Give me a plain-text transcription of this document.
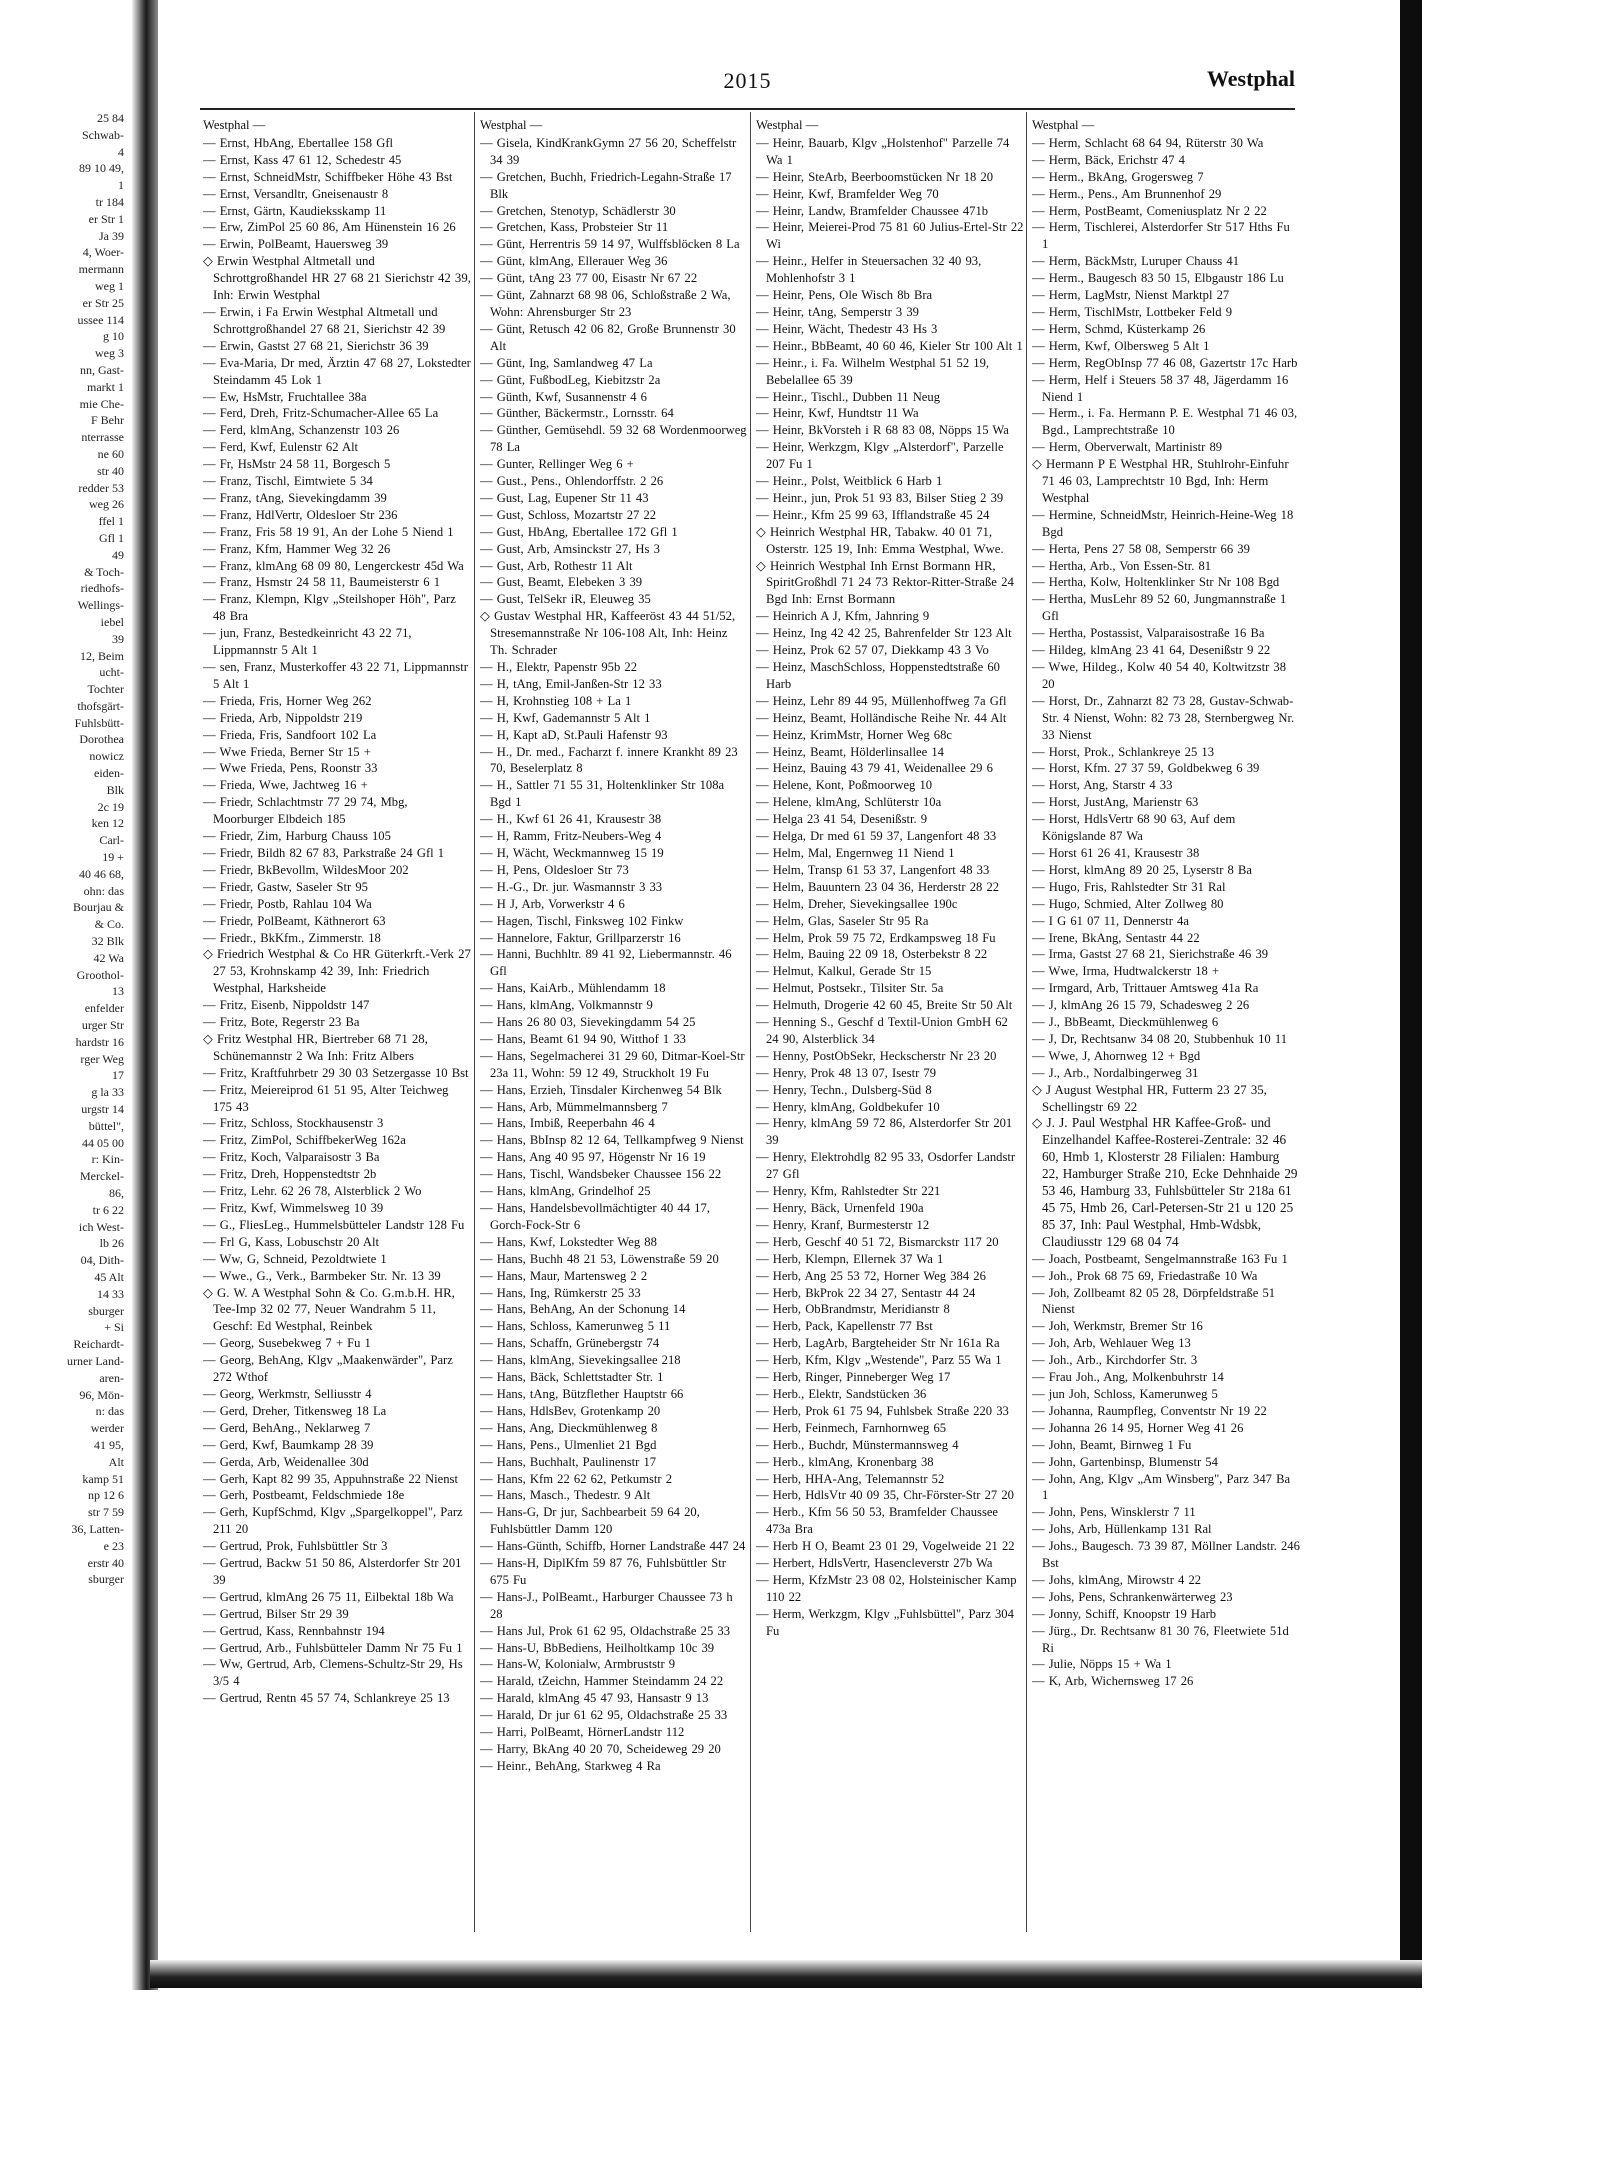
25 84
Schwab-
4
89 10 49,
1
tr 184
er Str 1
Ja 39
4, Woer-
mermann
weg 1
er Str 25
ussee 114
g 10
weg 3
nn, Gast-
markt 1
mie Che-
F Behr
nterrasse
ne 60
str 40
redder 53
weg 26
ffel 1
Gfl 1
49
& Toch-
riedhofs-
Wellings-
iebel
39
12, Beim
ucht-
Tochter
thofsgärt-
Fuhlsbütt-
Dorothea
nowicz
eiden-
Blk
2c 19
ken 12
Carl-
19 +
40 46 68,
ohn: das
Bourjau &
& Co.
32 Blk
42 Wa
Groothol-
13
enfelder
urger Str
hardstr 16
rger Weg
17
g la 33
urgstr 14
büttel",
44 05 00
r: Kin-
Merckel-
86,
tr 6 22
ich West-
lb 26
04, Dith-
45 Alt
14 33
sburger
+ Si
Reichardt-
urner Land-
aren-
96, Mön-
n: das
werder
41 95,
Alt
kamp 51
np 12 6
str 7 59
36, Latten-
e 23
erstr 40
sburger
2015	Westphal
Westphal —
— Ernst, HbAng, Ebertallee 158 Gfl
— Ernst, Kass 47 61 12, Schedestr 45
— Ernst, SchneidMstr, Schiffbeker Höhe 43 Bst
— Ernst, Versandltr, Gneisenaustr 8
— Ernst, Gärtn, Kaudieksskamp 11
— Erw, ZimPol 25 60 86, Am Hünenstein 16 26
— Erwin, PolBeamt, Hauersweg 39
◇ Erwin Westphal Altmetall und Schrottgroßhandel HR 27 68 21 Sierichstr 42 39, Inh: Erwin Westphal
— Erwin, i Fa Erwin Westphal Altmetall und Schrottgroßhandel 27 68 21, Sierichstr 42 39
— Erwin, Gastst 27 68 21, Sierichstr 36 39
— Eva-Maria, Dr med, Ärztin 47 68 27, Lokstedter Steindamm 45 Lok 1
— Ew, HsMstr, Fruchtallee 38a
— Ferd, Dreh, Fritz-Schumacher-Allee 65 La
— Ferd, klmAng, Schanzenstr 103 26
— Ferd, Kwf, Eulenstr 62 Alt
— Fr, HsMstr 24 58 11, Borgesch 5
— Franz, Tischl, Eimtwiete 5 34
— Franz, tAng, Sievekingdamm 39
— Franz, HdlVertr, Oldesloer Str 236
— Franz, Fris 58 19 91, An der Lohe 5 Niend 1
— Franz, Kfm, Hammer Weg 32 26
— Franz, klmAng 68 09 80, Lengerckestr 45d Wa
— Franz, Hsmstr 24 58 11, Baumeisterstr 6 1
— Franz, Klempn, Klgv „Steilshoper Höh", Parz 48 Bra
— jun, Franz, Bestedkeinricht 43 22 71, Lippmannstr 5 Alt 1
— sen, Franz, Musterkoffer 43 22 71, Lippmannstr 5 Alt 1
— Frieda, Fris, Horner Weg 262
— Frieda, Arb, Nippoldstr 219
— Frieda, Fris, Sandfoort 102 La
— Wwe Frieda, Berner Str 15 +
— Wwe Frieda, Pens, Roonstr 33
— Frieda, Wwe, Jachtweg 16 +
— Friedr, Schlachtmstr 77 29 74, Mbg, Moorburger Elbdeich 185
— Friedr, Zim, Harburg Chauss 105
— Friedr, Bildh 82 67 83, Parkstraße 24 Gfl 1
— Friedr, BkBevollm, WildesMoor 202
— Friedr, Gastw, Saseler Str 95
— Friedr, Postb, Rahlau 104 Wa
— Friedr, PolBeamt, Käthnerort 63
— Friedr., BkKfm., Zimmerstr. 18
◇ Friedrich Westphal & Co HR Güterkrft.-Verk 27 27 53, Krohnskamp 42 39, Inh: Friedrich Westphal, Harksheide
— Fritz, Eisenb, Nippoldstr 147
— Fritz, Bote, Regerstr 23 Ba
◇ Fritz Westphal HR, Biertreber 68 71 28, Schünemannstr 2 Wa Inh: Fritz Albers
— Fritz, Kraftfuhrbetr 29 30 03 Setzergasse 10 Bst
— Fritz, Meiereiprod 61 51 95, Alter Teichweg 175 43
— Fritz, Schloss, Stockhausenstr 3
— Fritz, ZimPol, SchiffbekerWeg 162a
— Fritz, Koch, Valparaisostr 3 Ba
— Fritz, Dreh, Hoppenstedtstr 2b
— Fritz, Lehr. 62 26 78, Alsterblick 2 Wo
— Fritz, Kwf, Wimmelsweg 10 39
— G., FliesLeg., Hummelsbütteler Landstr 128 Fu
— Frl G, Kass, Lobuschstr 20 Alt
— Ww, G, Schneid, Pezoldtwiete 1
— Wwe., G., Verk., Barmbeker Str. Nr. 13 39
◇ G. W. A Westphal Sohn & Co. G.m.b.H. HR, Tee-Imp 32 02 77, Neuer Wandrahm 5 11, Geschf: Ed Westphal, Reinbek
— Georg, Susebekweg 7 + Fu 1
— Georg, BehAng, Klgv „Maakenwärder", Parz 272 Wthof
— Georg, Werkmstr, Selliusstr 4
— Gerd, Dreher, Titkensweg 18 La
— Gerd, BehAng., Neklarweg 7
— Gerd, Kwf, Baumkamp 28 39
— Gerda, Arb, Weidenallee 30d
— Gerh, Kapt 82 99 35, Appuhnstraße 22 Nienst
— Gerh, Postbeamt, Feldschmiede 18e
— Gerh, KupfSchmd, Klgv „Spargelkoppel", Parz 211 20
— Gertrud, Prok, Fuhlsbüttler Str 3
— Gertrud, Backw 51 50 86, Alsterdorfer Str 201 39
— Gertrud, klmAng 26 75 11, Eilbektal 18b Wa
— Gertrud, Bilser Str 29 39
— Gertrud, Kass, Rennbahnstr 194
— Gertrud, Arb., Fuhlsbütteler Damm Nr 75 Fu 1
— Ww, Gertrud, Arb, Clemens-Schultz-Str 29, Hs 3/5 4
— Gertrud, Rentn 45 57 74, Schlankreye 25 13
Westphal —
— Gisela, KindKrankGymn 27 56 20, Scheffelstr 34 39
— Gretchen, Buchh, Friedrich-Legahn-Straße 17 Blk
— Gretchen, Stenotyp, Schädlerstr 30
— Gretchen, Kass, Probsteier Str 11
— Günt, Herrentris 59 14 97, Wulffsblöcken 8 La
— Günt, klmAng, Ellerauer Weg 36
— Günt, tAng 23 77 00, Eisastr Nr 67 22
— Günt, Zahnarzt 68 98 06, Schloßstraße 2 Wa, Wohn: Ahrensburger Str 23
— Günt, Retusch 42 06 82, Große Brunnenstr 30 Alt
— Günt, Ing, Samlandweg 47 La
— Günt, FußbodLeg, Kiebitzstr 2a
— Günth, Kwf, Susannenstr 4 6
— Günther, Bäckermstr., Lornsstr. 64
— Günther, Gemüsehdl. 59 32 68 Wordenmoorweg 78 La
— Gunter, Rellinger Weg 6 +
— Gust., Pens., Ohlendorffstr. 2 26
— Gust, Lag, Eupener Str 11 43
— Gust, Schloss, Mozartstr 27 22
— Gust, HbAng, Ebertallee 172 Gfl 1
— Gust, Arb, Amsinckstr 27, Hs 3
— Gust, Arb, Rothestr 11 Alt
— Gust, Beamt, Elebeken 3 39
— Gust, TelSekr iR, Eleuweg 35
◇ Gustav Westphal HR, Kaffeeröst 43 44 51/52, Stresemannstraße Nr 106-108 Alt, Inh: Heinz Th. Schrader
— H., Elektr, Papenstr 95b 22
— H, tAng, Emil-Janßen-Str 12 33
— H, Krohnstieg 108 + La 1
— H, Kwf, Gademannstr 5 Alt 1
— H, Kapt aD, St.Pauli Hafenstr 93
— H., Dr. med., Facharzt f. innere Krankht 89 23 70, Beselerplatz 8
— H., Sattler 71 55 31, Holtenklinker Str 108a Bgd 1
— H., Kwf 61 26 41, Krausestr 38
— H, Ramm, Fritz-Neubers-Weg 4
— H, Wächt, Weckmannweg 15 19
— H, Pens, Oldesloer Str 73
— H.-G., Dr. jur. Wasmannstr 3 33
— H J, Arb, Vorwerkstr 4 6
— Hagen, Tischl, Finksweg 102 Finkw
— Hannelore, Faktur, Grillparzerstr 16
— Hanni, Buchhltr. 89 41 92, Liebermannstr. 46 Gfl
— Hans, KaiArb., Mühlendamm 18
— Hans, klmAng, Volkmannstr 9
— Hans 26 80 03, Sievekingdamm 54 25
— Hans, Beamt 61 94 90, Witthof 1 33
— Hans, Segelmacherei 31 29 60, Ditmar-Koel-Str 23a 11, Wohn: 59 12 49, Struckholt 19 Fu
— Hans, Erzieh, Tinsdaler Kirchenweg 54 Blk
— Hans, Arb, Mümmelmannsberg 7
— Hans, Imbiß, Reeperbahn 46 4
— Hans, BbInsp 82 12 64, Tellkampfweg 9 Nienst
— Hans, Ang 40 95 97, Högenstr Nr 16 19
— Hans, Tischl, Wandsbeker Chaussee 156 22
— Hans, klmAng, Grindelhof 25
— Hans, Handelsbevollmächtigter 40 44 17, Gorch-Fock-Str 6
— Hans, Kwf, Lokstedter Weg 88
— Hans, Buchh 48 21 53, Löwenstraße 59 20
— Hans, Maur, Martensweg 2 2
— Hans, Ing, Rümkerstr 25 33
— Hans, BehAng, An der Schonung 14
— Hans, Schloss, Kamerunweg 5 11
— Hans, Schaffn, Grünebergstr 74
— Hans, klmAng, Sievekingsallee 218
— Hans, Bäck, Schlettstadter Str. 1
— Hans, tAng, Bützflether Hauptstr 66
— Hans, HdlsBev, Grotenkamp 20
— Hans, Ang, Dieckmühlenweg 8
— Hans, Pens., Ulmenliet 21 Bgd
— Hans, Buchhalt, Paulinenstr 17
— Hans, Kfm 22 62 62, Petkumstr 2
— Hans, Masch., Thedestr. 9 Alt
— Hans-G, Dr jur, Sachbearbeit 59 64 20, Fuhlsbüttler Damm 120
— Hans-Günth, Schiffb, Horner Landstraße 447 24
— Hans-H, DiplKfm 59 87 76, Fuhlsbüttler Str 675 Fu
— Hans-J., PolBeamt., Harburger Chaussee 73 h 28
— Hans Jul, Prok 61 62 95, Oldachstraße 25 33
— Hans-U, BbBediens, Heilholtkamp 10c 39
— Hans-W, Kolonialw, Armbruststr 9
— Harald, tZeichn, Hammer Steindamm 24 22
— Harald, klmAng 45 47 93, Hansastr 9 13
— Harald, Dr jur 61 62 95, Oldachstraße 25 33
— Harri, PolBeamt, HörnerLandstr 112
— Harry, BkAng 40 20 70, Scheideweg 29 20
— Heinr., BehAng, Starkweg 4 Ra
Westphal —
— Heinr, Bauarb, Klgv „Holstenhof" Parzelle 74 Wa 1
— Heinr, SteArb, Beerboomstücken Nr 18 20
— Heinr, Kwf, Bramfelder Weg 70
— Heinr, Landw, Bramfelder Chaussee 471b
— Heinr, Meierei-Prod 75 81 60 Julius-Ertel-Str 22 Wi
— Heinr., Helfer in Steuersachen 32 40 93, Mohlenhofstr 3 1
— Heinr, Pens, Ole Wisch 8b Bra
— Heinr, tAng, Semperstr 3 39
— Heinr, Wächt, Thedestr 43 Hs 3
— Heinr., BbBeamt, 40 60 46, Kieler Str 100 Alt 1
— Heinr., i. Fa. Wilhelm Westphal 51 52 19, Bebelallee 65 39
— Heinr., Tischl., Dubben 11 Neug
— Heinr, Kwf, Hundtstr 11 Wa
— Heinr, BkVorsteh i R 68 83 08, Nöpps 15 Wa
— Heinr, Werkzgm, Klgv „Alsterdorf", Parzelle 207 Fu 1
— Heinr., Polst, Weitblick 6 Harb 1
— Heinr., jun, Prok 51 93 83, Bilser Stieg 2 39
— Heinr., Kfm 25 99 63, Ifflandstraße 45 24
◇ Heinrich Westphal HR, Tabakw. 40 01 71, Osterstr. 125 19, Inh: Emma Westphal, Wwe.
◇ Heinrich Westphal Inh Ernst Bormann HR, SpiritGroßhdl 71 24 73 Rektor-Ritter-Straße 24 Bgd Inh: Ernst Bormann
— Heinrich A J, Kfm, Jahnring 9
— Heinz, Ing 42 42 25, Bahrenfelder Str 123 Alt
— Heinz, Prok 62 57 07, Diekkamp 43 3 Vo
— Heinz, MaschSchloss, Hoppenstedtstraße 60 Harb
— Heinz, Lehr 89 44 95, Müllenhoffweg 7a Gfl
— Heinz, Beamt, Holländische Reihe Nr. 44 Alt
— Heinz, KrimMstr, Horner Weg 68c
— Heinz, Beamt, Hölderlinsallee 14
— Heinz, Bauing 43 79 41, Weidenallee 29 6
— Helene, Kont, Poßmoorweg 10
— Helene, klmAng, Schlüterstr 10a
— Helga 23 41 54, Desenißstr. 9
— Helga, Dr med 61 59 37, Langenfort 48 33
— Helm, Mal, Engernweg 11 Niend 1
— Helm, Transp 61 53 37, Langenfort 48 33
— Helm, Bauuntern 23 04 36, Herderstr 28 22
— Helm, Dreher, Sievekingsallee 190c
— Helm, Glas, Saseler Str 95 Ra
— Helm, Prok 59 75 72, Erdkampsweg 18 Fu
— Helm, Bauing 22 09 18, Osterbekstr 8 22
— Helmut, Kalkul, Gerade Str 15
— Helmut, Postsekr., Tilsiter Str. 5a
— Helmuth, Drogerie 42 60 45, Breite Str 50 Alt
— Henning S., Geschf d Textil-Union GmbH 62 24 90, Alsterblick 34
— Henny, PostObSekr, Heckscherstr Nr 23 20
— Henry, Prok 48 13 07, Isestr 79
— Henry, Techn., Dulsberg-Süd 8
— Henry, klmAng, Goldbekufer 10
— Henry, klmAng 59 72 86, Alsterdorfer Str 201 39
— Henry, Elektrohdlg 82 95 33, Osdorfer Landstr 27 Gfl
— Henry, Kfm, Rahlstedter Str 221
— Henry, Bäck, Urnenfeld 190a
— Henry, Kranf, Burmesterstr 12
— Herb, Geschf 40 51 72, Bismarckstr 117 20
— Herb, Klempn, Ellernek 37 Wa 1
— Herb, Ang 25 53 72, Horner Weg 384 26
— Herb, BkProk 22 34 27, Sentastr 44 24
— Herb, ObBrandmstr, Meridianstr 8
— Herb, Pack, Kapellenstr 77 Bst
— Herb, LagArb, Bargteheider Str Nr 161a Ra
— Herb, Kfm, Klgv „Westende", Parz 55 Wa 1
— Herb, Ringer, Pinneberger Weg 17
— Herb., Elektr, Sandstücken 36
— Herb, Prok 61 75 94, Fuhlsbek Straße 220 33
— Herb, Feinmech, Farnhornweg 65
— Herb., Buchdr, Münstermannsweg 4
— Herb., klmAng, Kronenbarg 38
— Herb, HHA-Ang, Telemannstr 52
— Herb, HdlsVtr 40 09 35, Chr-Förster-Str 27 20
— Herb., Kfm 56 50 53, Bramfelder Chaussee 473a Bra
— Herb H O, Beamt 23 01 29, Vogelweide 21 22
— Herbert, HdlsVertr, Hasencleverstr 27b Wa
— Herm, KfzMstr 23 08 02, Holsteinischer Kamp 110 22
— Herm, Werkzgm, Klgv „Fuhlsbüttel", Parz 304 Fu
Westphal —
— Herm, Schlacht 68 64 94, Rüterstr 30 Wa
— Herm, Bäck, Erichstr 47 4
— Herm., BkAng, Grogersweg 7
— Herm., Pens., Am Brunnenhof 29
— Herm, PostBeamt, Comeniusplatz Nr 2 22
— Herm, Tischlerei, Alsterdorfer Str 517 Hths Fu 1
— Herm, BäckMstr, Luruper Chauss 41
— Herm., Baugesch 83 50 15, Elbgaustr 186 Lu
— Herm, LagMstr, Nienst Marktpl 27
— Herm, TischlMstr, Lottbeker Feld 9
— Herm, Schmd, Küsterkamp 26
— Herm, Kwf, Olbersweg 5 Alt 1
— Herm, RegObInsp 77 46 08, Gazertstr 17c Harb
— Herm, Helf i Steuers 58 37 48, Jägerdamm 16 Niend 1
— Herm., i. Fa. Hermann P. E. Westphal 71 46 03, Bgd., Lamprechtstraße 10
— Herm, Oberverwalt, Martinistr 89
◇ Hermann P E Westphal HR, Stuhlrohr-Einfuhr 71 46 03, Lamprechtstr 10 Bgd, Inh: Herm Westphal
— Hermine, SchneidMstr, Heinrich-Heine-Weg 18 Bgd
— Herta, Pens 27 58 08, Semperstr 66 39
— Hertha, Arb., Von Essen-Str. 81
— Hertha, Kolw, Holtenklinker Str Nr 108 Bgd
— Hertha, MusLehr 89 52 60, Jungmannstraße 1 Gfl
— Hertha, Postassist, Valparaisostraße 16 Ba
— Hildeg, klmAng 23 41 64, Desenißstr 9 22
— Wwe, Hildeg., Kolw 40 54 40, Koltwitzstr 38 20
— Horst, Dr., Zahnarzt 82 73 28, Gustav-Schwab-Str. 4 Nienst, Wohn: 82 73 28, Sternbergweg Nr. 33 Nienst
— Horst, Prok., Schlankreye 25 13
— Horst, Kfm. 27 37 59, Goldbekweg 6 39
— Horst, Ang, Starstr 4 33
— Horst, JustAng, Marienstr 63
— Horst, HdlsVertr 68 90 63, Auf dem Königslande 87 Wa
— Horst 61 26 41, Krausestr 38
— Horst, klmAng 89 20 25, Lyserstr 8 Ba
— Hugo, Fris, Rahlstedter Str 31 Ral
— Hugo, Schmied, Alter Zollweg 80
— I G 61 07 11, Dennerstr 4a
— Irene, BkAng, Sentastr 44 22
— Irma, Gastst 27 68 21, Sierichstraße 46 39
— Wwe, Irma, Hudtwalckerstr 18 +
— Irmgard, Arb, Trittauer Amtsweg 41a Ra
— J, klmAng 26 15 79, Schadesweg 2 26
— J., BbBeamt, Dieckmühlenweg 6
— J, Dr, Rechtsanw 34 08 20, Stubbenhuk 10 11
— Wwe, J, Ahornweg 12 + Bgd
— J., Arb., Nordalbingerweg 31
◇ J August Westphal HR, Futterm 23 27 35, Schellingstr 69 22
◇ J. J. Paul Westphal HR Kaffee-Groß- und Einzelhandel Kaffee-Rosterei-Zentrale: 32 46 60, Hmb 1, Klosterstr 28 Filialen: Hamburg 22, Hamburger Straße 210, Ecke Dehnhaide 29 53 46, Hamburg 33, Fuhlsbütteler Str 218a 61 45 75, Hmb 26, Carl-Petersen-Str 21 u 120 25 85 37, Inh: Paul Westphal, Hmb-Wdsbk, Claudiusstr 129 68 04 74
— Joach, Postbeamt, Sengelmannstraße 163 Fu 1
— Joh., Prok 68 75 69, Friedastraße 10 Wa
— Joh, Zollbeamt 82 05 28, Dörpfeldstraße 51 Nienst
— Joh, Werkmstr, Bremer Str 16
— Joh, Arb, Wehlauer Weg 13
— Joh., Arb., Kirchdorfer Str. 3
— Frau Joh., Ang, Molkenbuhrstr 14
— jun Joh, Schloss, Kamerunweg 5
— Johanna, Raumpfleg, Conventstr Nr 19 22
— Johanna 26 14 95, Horner Weg 41 26
— John, Beamt, Birnweg 1 Fu
— John, Gartenbinsp, Blumenstr 54
— John, Ang, Klgv „Am Winsberg", Parz 347 Ba 1
— John, Pens, Winsklerstr 7 11
— Johs, Arb, Hüllenkamp 131 Ral
— Johs., Baugesch. 73 39 87, Möllner Landstr. 246 Bst
— Johs, klmAng, Mirowstr 4 22
— Johs, Pens, Schrankenwärterweg 23
— Jonny, Schiff, Knoopstr 19 Harb
— Jürg., Dr. Rechtsanw 81 30 76, Fleetwiete 51d Ri
— Julie, Nöpps 15 + Wa 1
— K, Arb, Wichernsweg 17 26
